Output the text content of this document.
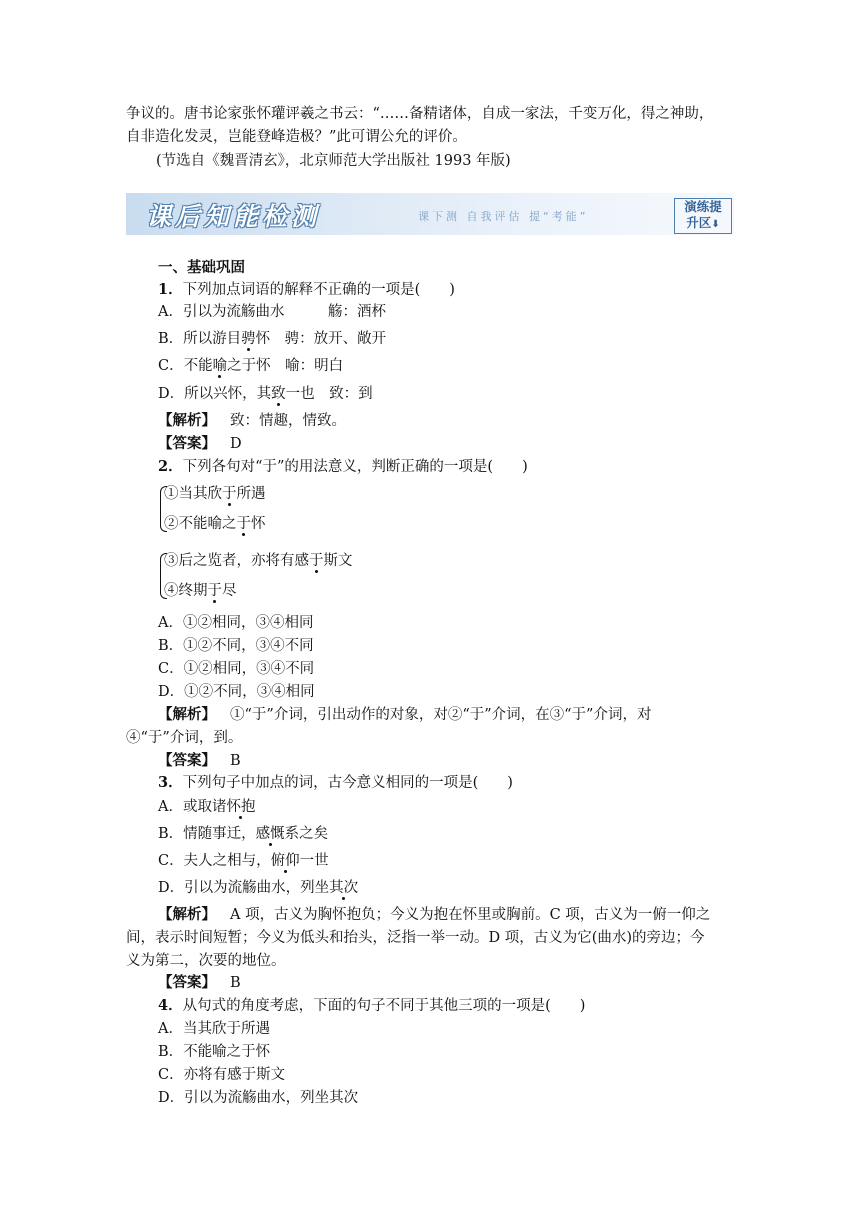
争议的。唐书论家张怀瓘评羲之书云：“……备精诸体，自成一家法，千变万化，得之神助，
自非造化发灵，岂能登峰造极？”此可谓公允的评价。
(节选自《魏晋清玄》，北京师范大学出版社 1993 年版)
课后知能检测	课下测 自我评估 提“考能”
演练提
升区⬇
一、基础巩固
1．下列加点词语的解释不正确的一项是(　　)
A．引以为流觞曲水　　　觞：酒杯
B．所以游目骋怀　骋：放开、敞开
C．不能喻之于怀　喻：明白
D．所以兴怀，其致一也　致：到
【解析】 致：情趣，情致。
【答案】 D
2．下列各句对“于”的用法意义，判断正确的一项是(　　)
①当其欣于所遇
②不能喻之于怀
③后之览者，亦将有感于斯文
④终期于尽
A．①②相同，③④相同
B．①②不同，③④不同
C．①②相同，③④不同
D．①②不同，③④相同
【解析】 ①“于”介词，引出动作的对象，对②“于”介词，在③“于”介词，对
④“于”介词，到。
【答案】 B
3．下列句子中加点的词，古今意义相同的一项是(　　)
A．或取诸怀抱
B．情随事迁，感慨系之矣
C．夫人之相与，俯仰一世
D．引以为流觞曲水，列坐其次
【解析】 A 项，古义为胸怀抱负；今义为抱在怀里或胸前。C 项，古义为一俯一仰之
间，表示时间短暂；今义为低头和抬头，泛指一举一动。D 项，古义为它(曲水)的旁边；今
义为第二，次要的地位。
【答案】 B
4．从句式的角度考虑，下面的句子不同于其他三项的一项是(　　)
A．当其欣于所遇
B．不能喻之于怀
C．亦将有感于斯文
D．引以为流觞曲水，列坐其次
